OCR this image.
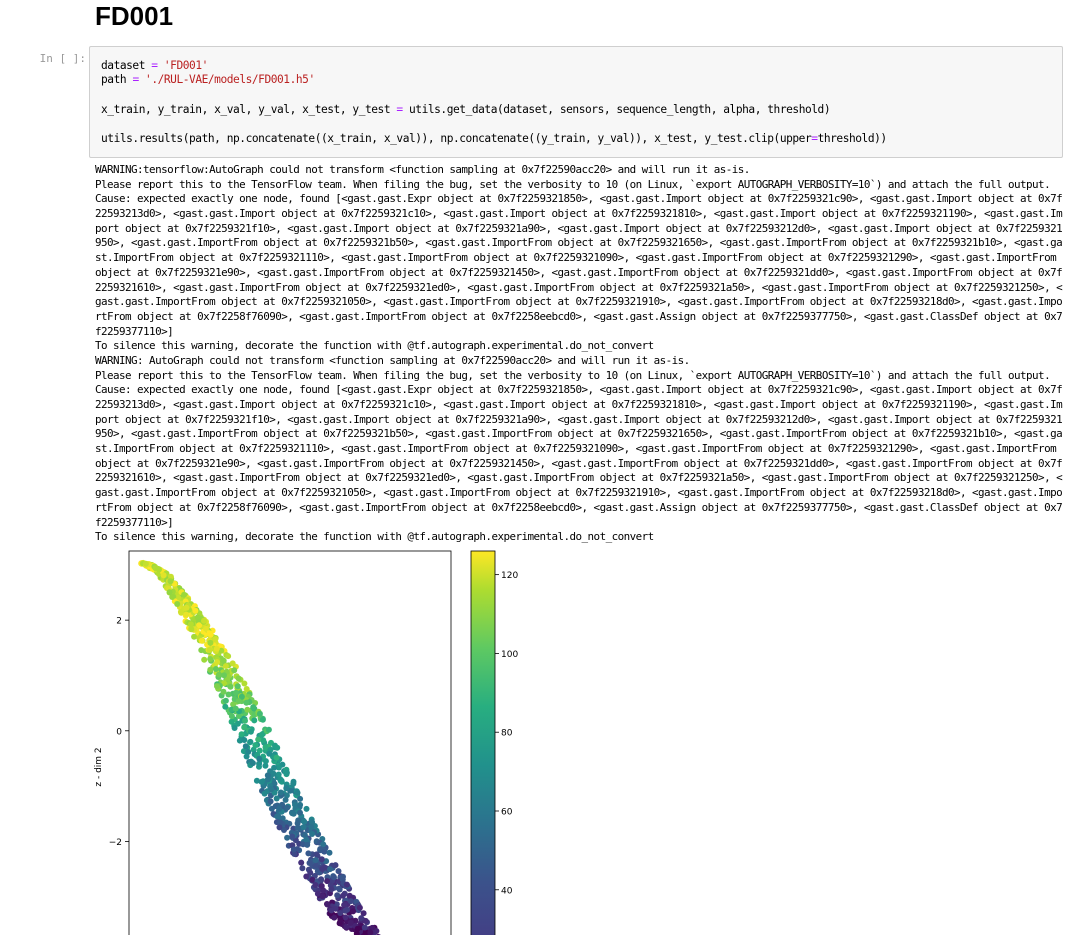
FD001
In [ ]:
dataset = 'FD001'
path = './RUL-VAE/models/FD001.h5'
x_train, y_train, x_val, y_val, x_test, y_test = utils.get_data(dataset, sensors, sequence_length, alpha, threshold)
utils.results(path, np.concatenate((x_train, x_val)), np.concatenate((y_train, y_val)), x_test, y_test.clip(upper=threshold))
WARNING:tensorflow:AutoGraph could not transform <function sampling at 0x7f22590acc20> and will run it as-is.
Please report this to the TensorFlow team. When filing the bug, set the verbosity to 10 (on Linux, `export AUTOGRAPH_VERBOSITY=10`) and attach the full output.
Cause: expected exactly one node, found [<gast.gast.Expr object at 0x7f2259321850>, <gast.gast.Import object at 0x7f2259321c90>, <gast.gast.Import object at 0x7f
22593213d0>, <gast.gast.Import object at 0x7f2259321c10>, <gast.gast.Import object at 0x7f2259321810>, <gast.gast.Import object at 0x7f2259321190>, <gast.gast.Im
port object at 0x7f2259321f10>, <gast.gast.Import object at 0x7f2259321a90>, <gast.gast.Import object at 0x7f22593212d0>, <gast.gast.Import object at 0x7f2259321
950>, <gast.gast.ImportFrom object at 0x7f2259321b50>, <gast.gast.ImportFrom object at 0x7f2259321650>, <gast.gast.ImportFrom object at 0x7f2259321b10>, <gast.ga
st.ImportFrom object at 0x7f2259321110>, <gast.gast.ImportFrom object at 0x7f2259321090>, <gast.gast.ImportFrom object at 0x7f2259321290>, <gast.gast.ImportFrom
object at 0x7f2259321e90>, <gast.gast.ImportFrom object at 0x7f2259321450>, <gast.gast.ImportFrom object at 0x7f2259321dd0>, <gast.gast.ImportFrom object at 0x7f
2259321610>, <gast.gast.ImportFrom object at 0x7f2259321ed0>, <gast.gast.ImportFrom object at 0x7f2259321a50>, <gast.gast.ImportFrom object at 0x7f2259321250>, <
gast.gast.ImportFrom object at 0x7f2259321050>, <gast.gast.ImportFrom object at 0x7f2259321910>, <gast.gast.ImportFrom object at 0x7f22593218d0>, <gast.gast.Impo
rtFrom object at 0x7f2258f76090>, <gast.gast.ImportFrom object at 0x7f2258eebcd0>, <gast.gast.Assign object at 0x7f2259377750>, <gast.gast.ClassDef object at 0x7
f2259377110>]
To silence this warning, decorate the function with @tf.autograph.experimental.do_not_convert
WARNING: AutoGraph could not transform <function sampling at 0x7f22590acc20> and will run it as-is.
Please report this to the TensorFlow team. When filing the bug, set the verbosity to 10 (on Linux, `export AUTOGRAPH_VERBOSITY=10`) and attach the full output.
Cause: expected exactly one node, found [<gast.gast.Expr object at 0x7f2259321850>, <gast.gast.Import object at 0x7f2259321c90>, <gast.gast.Import object at 0x7f
22593213d0>, <gast.gast.Import object at 0x7f2259321c10>, <gast.gast.Import object at 0x7f2259321810>, <gast.gast.Import object at 0x7f2259321190>, <gast.gast.Im
port object at 0x7f2259321f10>, <gast.gast.Import object at 0x7f2259321a90>, <gast.gast.Import object at 0x7f22593212d0>, <gast.gast.Import object at 0x7f2259321
950>, <gast.gast.ImportFrom object at 0x7f2259321b50>, <gast.gast.ImportFrom object at 0x7f2259321650>, <gast.gast.ImportFrom object at 0x7f2259321b10>, <gast.ga
st.ImportFrom object at 0x7f2259321110>, <gast.gast.ImportFrom object at 0x7f2259321090>, <gast.gast.ImportFrom object at 0x7f2259321290>, <gast.gast.ImportFrom
object at 0x7f2259321e90>, <gast.gast.ImportFrom object at 0x7f2259321450>, <gast.gast.ImportFrom object at 0x7f2259321dd0>, <gast.gast.ImportFrom object at 0x7f
2259321610>, <gast.gast.ImportFrom object at 0x7f2259321ed0>, <gast.gast.ImportFrom object at 0x7f2259321a50>, <gast.gast.ImportFrom object at 0x7f2259321250>, <
gast.gast.ImportFrom object at 0x7f2259321050>, <gast.gast.ImportFrom object at 0x7f2259321910>, <gast.gast.ImportFrom object at 0x7f22593218d0>, <gast.gast.Impo
rtFrom object at 0x7f2258f76090>, <gast.gast.ImportFrom object at 0x7f2258eebcd0>, <gast.gast.Assign object at 0x7f2259377750>, <gast.gast.ClassDef object at 0x7
f2259377110>]
To silence this warning, decorate the function with @tf.autograph.experimental.do_not_convert
2
0
−2
z - dim 2
120
100
80
60
40
